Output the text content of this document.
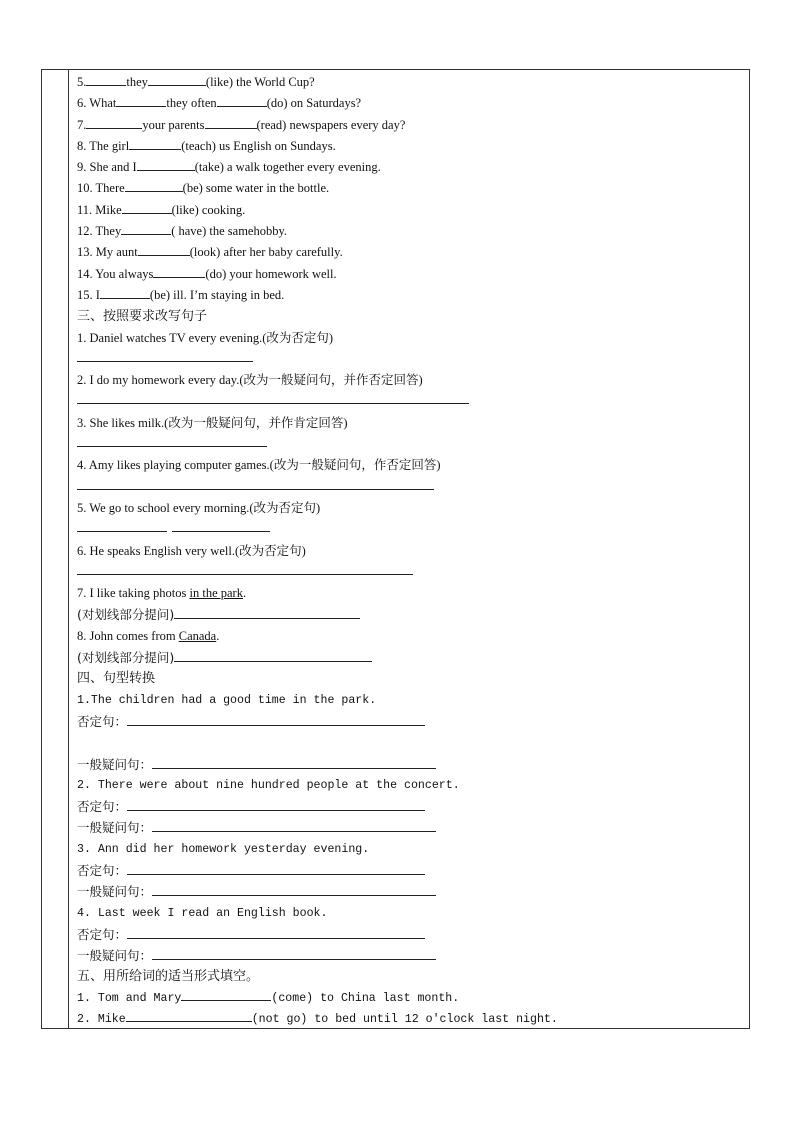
5.	they	(like) the World Cup?
6. What	they often	(do) on Saturdays?
7.	your parents	(read) newspapers every day?
8. The girl	(teach) us English on Sundays.
9. She and I	(take) a walk together every evening.
10. There	(be) some water in the bottle.
11. Mike	(like) cooking.
12. They	( have) the samehobby.
13. My aunt	(look) after her baby carefully.
14. You always	(do) your homework well.
15. I	(be) ill. I’m staying in bed.
三、按照要求改写句子
1. Daniel watches TV every evening.(改为否定句)
2. I do my homework every day.(改为一般疑问句，并作否定回答)
3. She likes milk.(改为一般疑问句，并作肯定回答)
4. Amy likes playing computer games.(改为一般疑问句，作否定回答)
5. We go to school every morning.(改为否定句)
6. He speaks English very well.(改为否定句)
7. I like taking photos in the park.
(对划线部分提问)
8. John comes from Canada.
(对划线部分提问)
四、句型转换
1.The children had a good time in the park.
否定句：
一般疑问句：
2. There were about nine hundred people at the concert.
否定句：
一般疑问句：
3. Ann did her homework yesterday evening.
否定句：
一般疑问句：
4. Last week I read an English book.
否定句：
一般疑问句：
五、用所给词的适当形式填空。
1. Tom and Mary	(come) to China last month.
2. Mike	(not go) to bed until 12 o'clock last night.
